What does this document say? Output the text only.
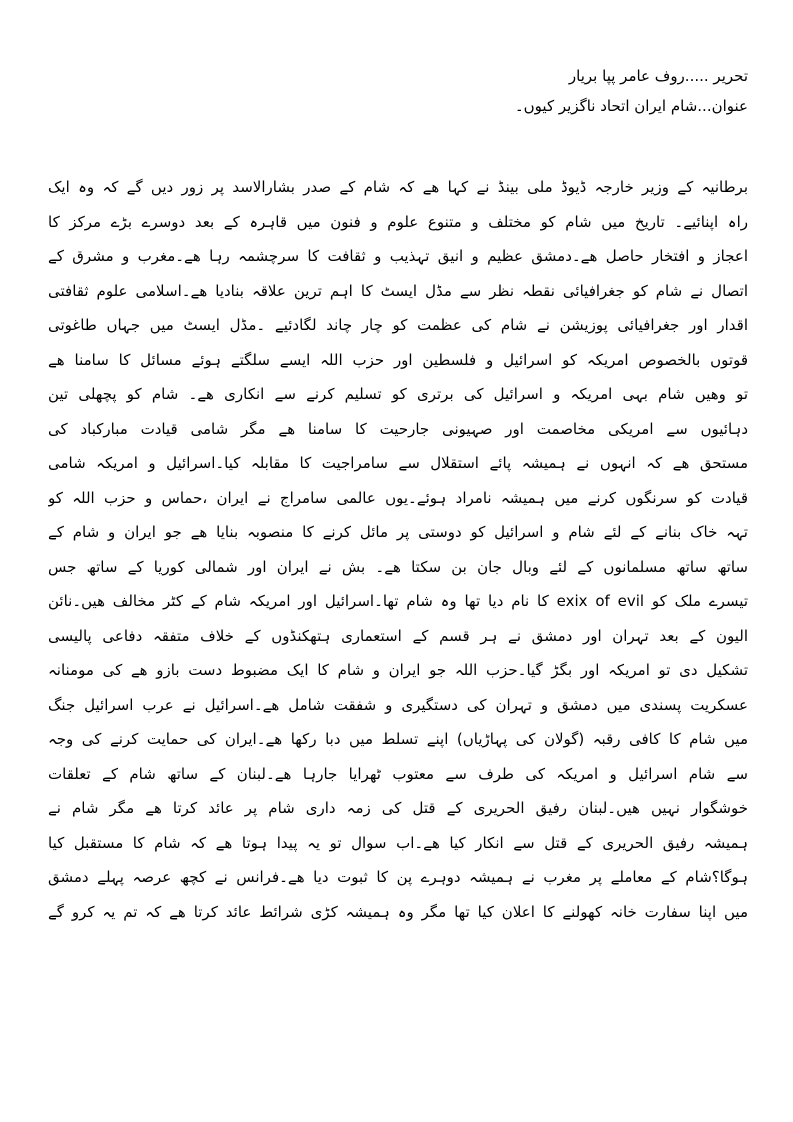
تحریر .....روف عامر پپا بریار
عنوان...شام ایران اتحاد ناگزیر کیوں۔
برطانیہ کے وزیر خارجہ ڈیوڈ ملی بینڈ نے کہا ھے کہ شام کے صدر بشارالاسد پر زور دیں گے کہ وہ ایک
راہ اپنائیے۔ تاریخ میں شام کو مختلف و متنوع علوم و فنون میں قاہرہ کے بعد دوسرے بڑے مرکز کا
اعجاز و افتخار حاصل ھے۔دمشق عظیم و انیق تہذیب و ثقافت کا سرچشمہ رہا ھے۔مغرب و مشرق کے
اتصال نے شام کو جغرافیائی نقطہ نظر سے مڈل ایسٹ کا اہم ترین علاقہ بنادیا ھے۔اسلامی علوم ثقافتی
اقدار اور جغرافیائی پوزیشن نے شام کی عظمت کو چار چاند لگادئیے ۔مڈل ایسٹ میں جہاں طاغوتی
قوتوں بالخصوص امریکہ کو اسرائیل و فلسطین اور حزب اللہ ایسے سلگتے ہوئے مسائل کا سامنا ھے
تو وھیں شام بہی امریکہ و اسرائیل کی برتری کو تسلیم کرنے سے انکاری ھے۔ شام کو پچھلی تین
دہائیوں سے امریکی مخاصمت اور صہیونی جارحیت کا سامنا ھے مگر شامی قیادت مبارکباد کی
مستحق ھے کہ انہوں نے ہمیشہ پائے استقلال سے سامراجیت کا مقابلہ کیا۔اسرائیل و امریکہ شامی
قیادت کو سرنگوں کرنے میں ہمیشہ نامراد ہوئے۔یوں عالمی سامراج نے ایران ،حماس و حزب اللہ کو
تہہ خاک بنانے کے لئے شام و اسرائیل کو دوستی پر مائل کرنے کا منصوبہ بنایا ھے جو ایران و شام کے
ساتھ ساتھ مسلمانوں کے لئے وبال جان بن سکتا ھے۔ بش نے ایران اور شمالی کوریا کے ساتھ جس
تیسرے ملک کو exix of evil کا نام دیا تھا وہ شام تھا۔اسرائیل اور امریکہ شام کے کٹر مخالف ھیں۔نائن
الیون کے بعد تہران اور دمشق نے ہر قسم کے استعماری ہتھکنڈوں کے خلاف متفقہ دفاعی پالیسی
تشکیل دی تو امریکہ اور بگڑ گیا۔حزب اللہ جو ایران و شام کا ایک مضبوط دست بازو ھے کی مومنانہ
عسکریت پسندی میں دمشق و تہران کی دستگیری و شفقت شامل ھے۔اسرائیل نے عرب اسرائیل جنگ
میں شام کا کافی رقبہ (گولان کی پہاڑیاں) اپنے تسلط میں دبا رکھا ھے۔ایران کی حمایت کرنے کی وجہ
سے شام اسرائیل و امریکہ کی طرف سے معتوب ٹھرایا جارہا ھے۔لبنان کے ساتھ شام کے تعلقات
خوشگوار نہیں ھیں۔لبنان رفیق الحریری کے قتل کی زمہ داری شام پر عائد کرتا ھے مگر شام نے
ہمیشہ رفیق الحریری کے قتل سے انکار کیا ھے۔اب سوال تو یہ پیدا ہوتا ھے کہ شام کا مستقبل کیا
ہوگا؟شام کے معاملے پر مغرب نے ہمیشہ دوہرے پن کا ثبوت دیا ھے۔فرانس نے کچھ عرصہ پہلے دمشق
میں اپنا سفارت خانہ کھولنے کا اعلان کیا تھا مگر وہ ہمیشہ کڑی شرائط عائد کرتا ھے کہ تم یہ کرو گے
